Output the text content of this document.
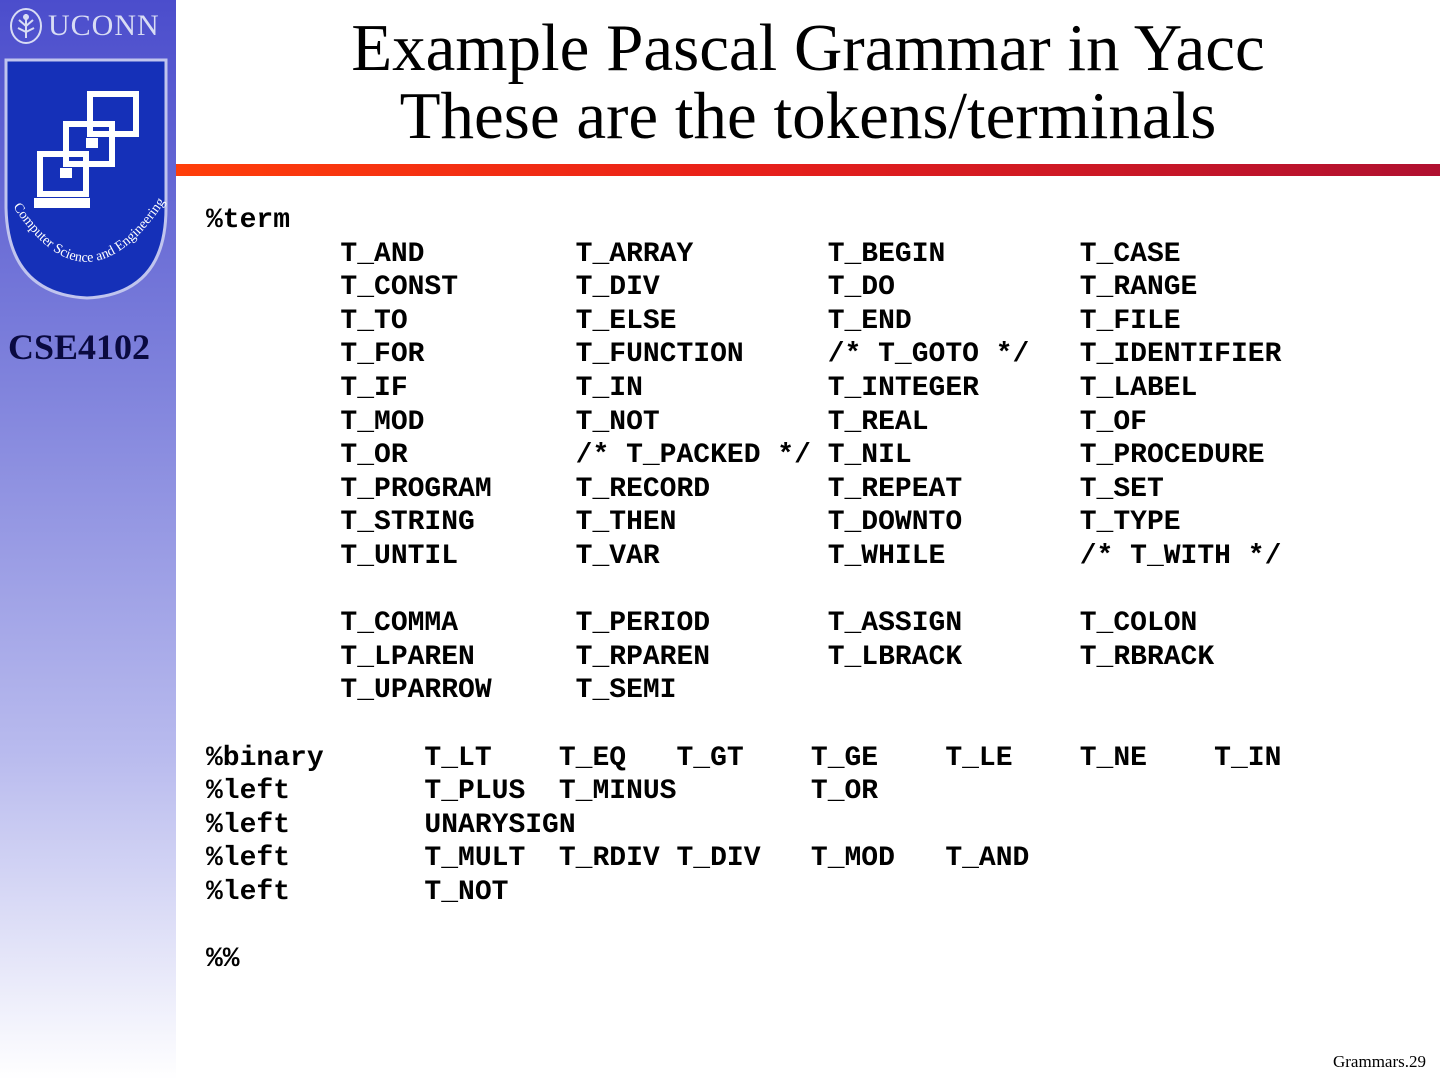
UCONN
Computer Science and Engineering
CSE4102
Example Pascal Grammar in Yacc
These are the tokens/terminals
%term
T_AND         T_ARRAY        T_BEGIN        T_CASE
T_CONST       T_DIV          T_DO           T_RANGE
T_TO          T_ELSE         T_END          T_FILE
T_FOR         T_FUNCTION     /* T_GOTO */   T_IDENTIFIER
T_IF          T_IN           T_INTEGER      T_LABEL
T_MOD         T_NOT          T_REAL         T_OF
T_OR          /* T_PACKED */ T_NIL          T_PROCEDURE
T_PROGRAM     T_RECORD       T_REPEAT       T_SET
T_STRING      T_THEN         T_DOWNTO       T_TYPE
T_UNTIL       T_VAR          T_WHILE        /* T_WITH */

T_COMMA       T_PERIOD       T_ASSIGN       T_COLON
T_LPAREN      T_RPAREN       T_LBRACK       T_RBRACK
T_UPARROW     T_SEMI

%binary      T_LT    T_EQ   T_GT    T_GE    T_LE    T_NE    T_IN
%left        T_PLUS  T_MINUS        T_OR
%left        UNARYSIGN
%left        T_MULT  T_RDIV T_DIV   T_MOD   T_AND
%left        T_NOT

%%
Grammars.29
